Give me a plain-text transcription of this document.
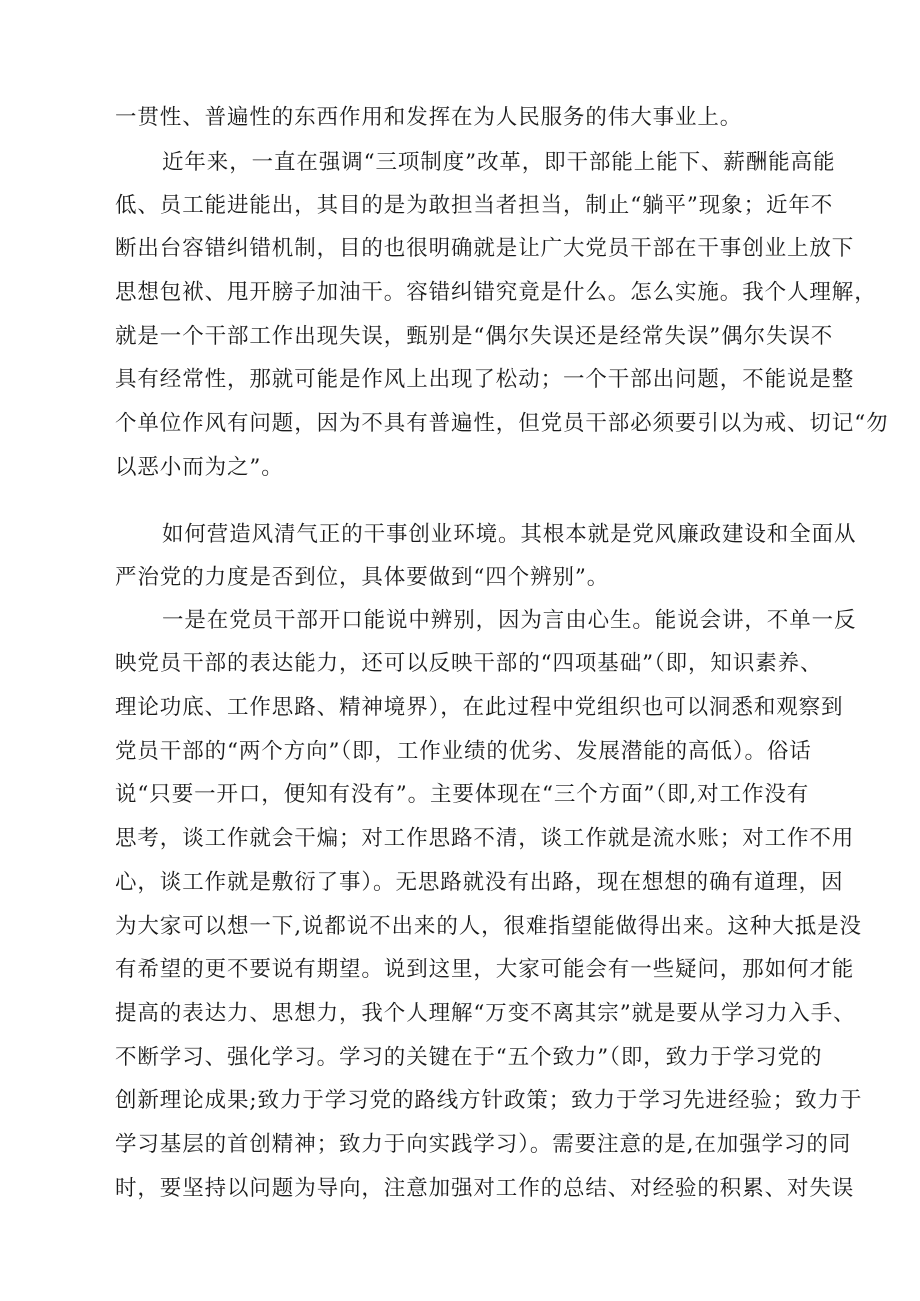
一贯性、普遍性的东西作用和发挥在为人民服务的伟大事业上。
近年来，一直在强调“三项制度”改革，即干部能上能下、薪酬能高能
低、员工能进能出，其目的是为敢担当者担当，制止“躺平”现象；近年不
断出台容错纠错机制，目的也很明确就是让广大党员干部在干事创业上放下
思想包袱、甩开膀子加油干。容错纠错究竟是什么。怎么实施。我个人理解，
就是一个干部工作出现失误，甄别是“偶尔失误还是经常失误”偶尔失误不
具有经常性，那就可能是作风上出现了松动；一个干部出问题，不能说是整
个单位作风有问题，因为不具有普遍性，但党员干部必须要引以为戒、切记“勿
以恶小而为之”。
如何营造风清气正的干事创业环境。其根本就是党风廉政建设和全面从
严治党的力度是否到位，具体要做到“四个辨别”。
一是在党员干部开口能说中辨别，因为言由心生。能说会讲，不单一反
映党员干部的表达能力，还可以反映干部的“四项基础”（即，知识素养、
理论功底、工作思路、精神境界），在此过程中党组织也可以洞悉和观察到
党员干部的“两个方向”（即，工作业绩的优劣、发展潜能的高低）。俗话
说“只要一开口，便知有没有”。主要体现在“三个方面”（即,对工作没有
思考，谈工作就会干煸；对工作思路不清，谈工作就是流水账；对工作不用
心，谈工作就是敷衍了事）。无思路就没有出路，现在想想的确有道理，因
为大家可以想一下,说都说不出来的人，很难指望能做得出来。这种大抵是没
有希望的更不要说有期望。说到这里，大家可能会有一些疑问，那如何才能
提高的表达力、思想力，我个人理解“万变不离其宗”就是要从学习力入手、
不断学习、强化学习。学习的关键在于“五个致力”（即，致力于学习党的
创新理论成果;致力于学习党的路线方针政策；致力于学习先进经验；致力于
学习基层的首创精神；致力于向实践学习）。需要注意的是,在加强学习的同
时，要坚持以问题为导向，注意加强对工作的总结、对经验的积累、对失误
